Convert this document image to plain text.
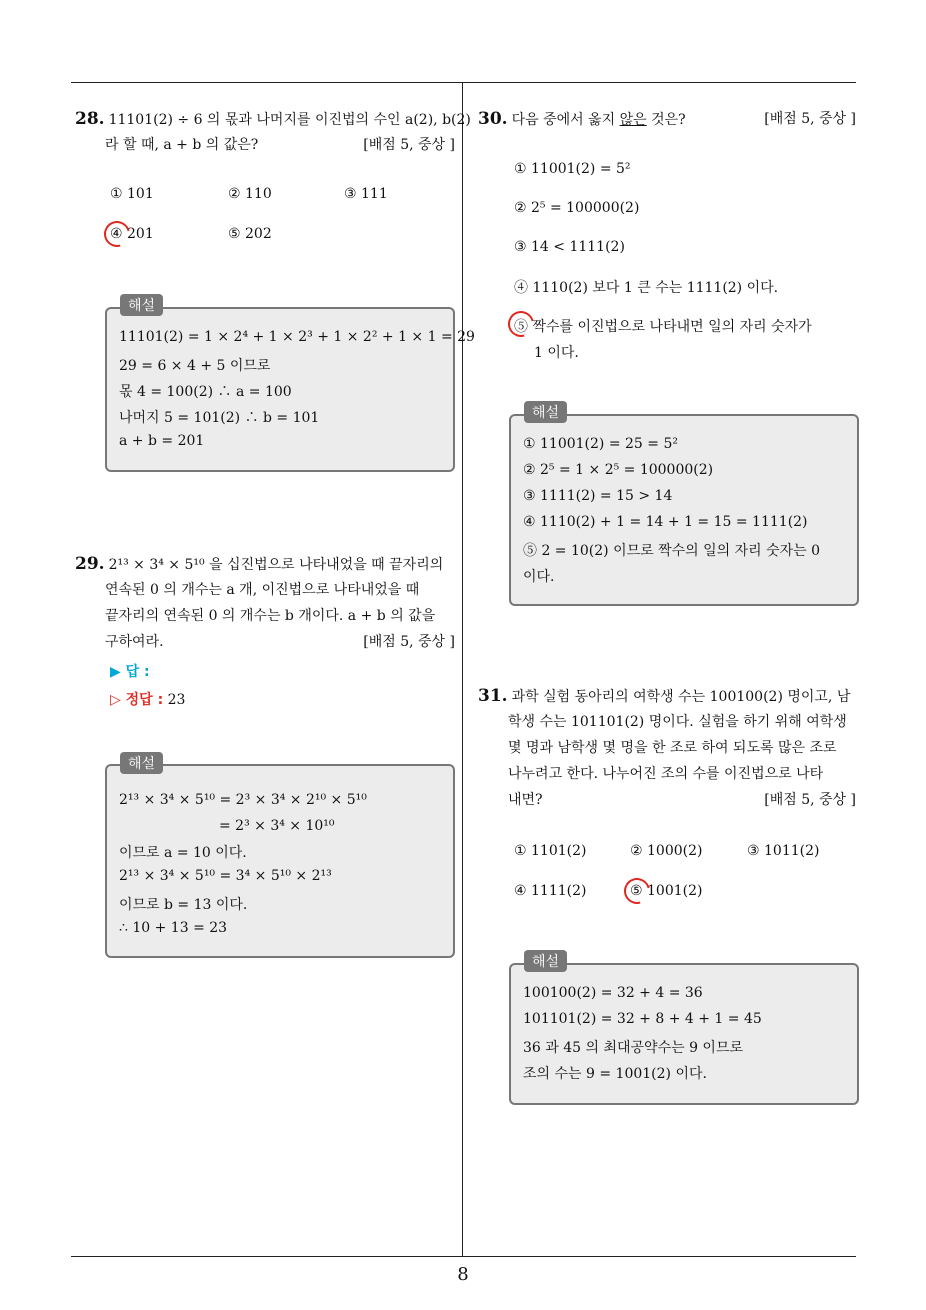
8
28. 11101(2) ÷ 6 의 몫과 나머지를 이진법의 수인 a(2), b(2)
라 할 때, a + b 의 값은?	[배점 5, 중상 ]
① 101	② 110	③ 111
④ 201	⑤ 202
11101(2) = 1 × 2⁴ + 1 × 2³ + 1 × 2² + 1 × 1 = 29
29 = 6 × 4 + 5 이므로
몫 4 = 100(2) ∴ a = 100
나머지 5 = 101(2) ∴ b = 101
a + b = 201
해설
29. 2¹³ × 3⁴ × 5¹⁰ 을 십진법으로 나타내었을 때 끝자리의
연속된 0 의 개수는 a 개, 이진법으로 나타내었을 때
끝자리의 연속된 0 의 개수는 b 개이다. a + b 의 값을
구하여라.	[배점 5, 중상 ]
▶ 답 :
▷ 정답 : 23
2¹³ × 3⁴ × 5¹⁰ = 2³ × 3⁴ × 2¹⁰ × 5¹⁰
= 2³ × 3⁴ × 10¹⁰
이므로 a = 10 이다.
2¹³ × 3⁴ × 5¹⁰ = 3⁴ × 5¹⁰ × 2¹³
이므로 b = 13 이다.
∴ 10 + 13 = 23
해설
30. 다음 중에서 옳지 않은 것은?	[배점 5, 중상 ]
① 11001(2) = 5²
② 2⁵ = 100000(2)
③ 14 < 1111(2)
④ 1110(2) 보다 1 큰 수는 1111(2) 이다.
⑤ 짝수를 이진법으로 나타내면 일의 자리 숫자가
1 이다.
① 11001(2) = 25 = 5²
② 2⁵ = 1 × 2⁵ = 100000(2)
③ 1111(2) = 15 > 14
④ 1110(2) + 1 = 14 + 1 = 15 = 1111(2)
⑤ 2 = 10(2) 이므로 짝수의 일의 자리 숫자는 0
이다.
해설
31. 과학 실험 동아리의 여학생 수는 100100(2) 명이고, 남
학생 수는 101101(2) 명이다. 실험을 하기 위해 여학생
몇 명과 남학생 몇 명을 한 조로 하여 되도록 많은 조로
나누려고 한다. 나누어진 조의 수를 이진법으로 나타
내면?	[배점 5, 중상 ]
① 1101(2)	② 1000(2)	③ 1011(2)
④ 1111(2)	⑤ 1001(2)
100100(2) = 32 + 4 = 36
101101(2) = 32 + 8 + 4 + 1 = 45
36 과 45 의 최대공약수는 9 이므로
조의 수는 9 = 1001(2) 이다.
해설
